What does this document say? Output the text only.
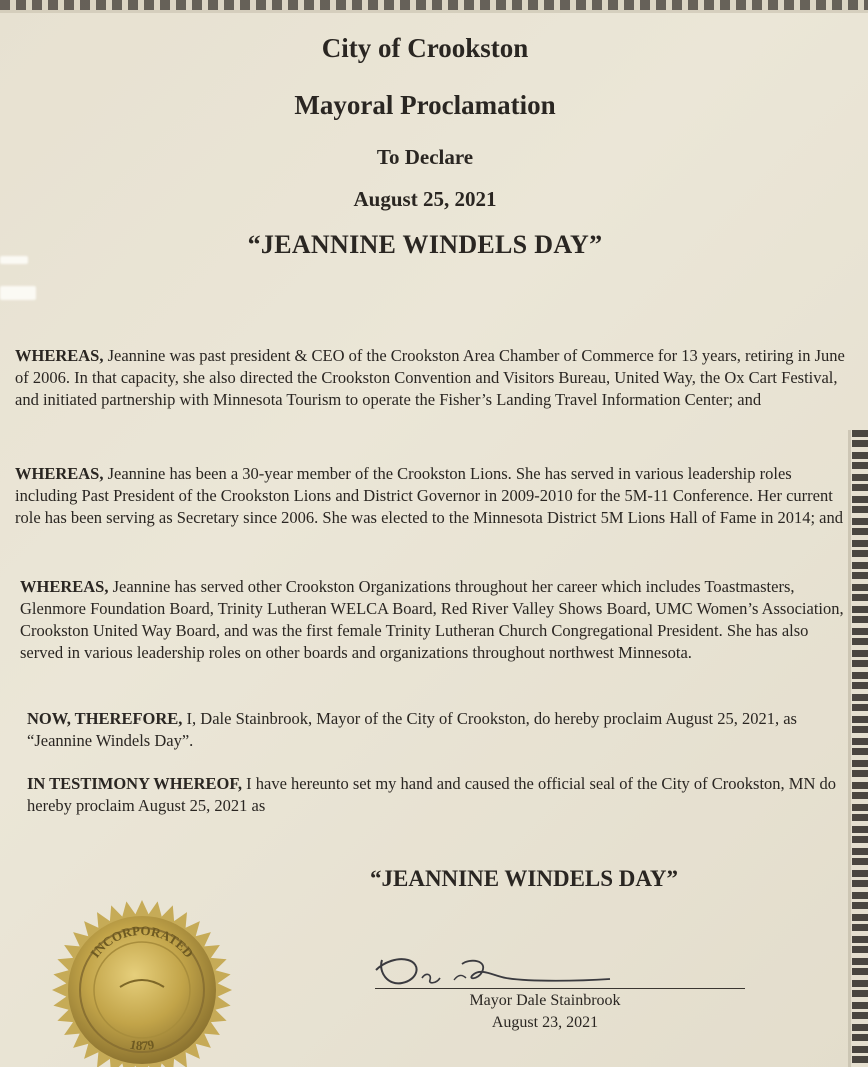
City of Crookston
Mayoral Proclamation
To Declare
August 25, 2021
“JEANNINE WINDELS DAY”

WHEREAS, Jeannine was past president & CEO of the Crookston Area Chamber of Commerce for 13 years, retiring in June of 2006. In that capacity, she also directed the Crookston Convention and Visitors Bureau, United Way, the Ox Cart Festival, and initiated partnership with Minnesota Tourism to operate the Fisher’s Landing Travel Information Center; and

WHEREAS, Jeannine has been a 30-year member of the Crookston Lions. She has served in various leadership roles including Past President of the Crookston Lions and District Governor in 2009-2010 for the 5M-11 Conference. Her current role has been serving as Secretary since 2006. She was elected to the Minnesota District 5M Lions Hall of Fame in 2014; and

WHEREAS, Jeannine has served other Crookston Organizations throughout her career which includes Toastmasters, Glenmore Foundation Board, Trinity Lutheran WELCA Board, Red River Valley Shows Board, UMC Women’s Association, Crookston United Way Board, and was the first female Trinity Lutheran Church Congregational President. She has also served in various leadership roles on other boards and organizations throughout northwest Minnesota.

NOW, THEREFORE, I, Dale Stainbrook, Mayor of the City of Crookston, do hereby proclaim August 25, 2021, as “Jeannine Windels Day”.

IN TESTIMONY WHEREOF, I have hereunto set my hand and caused the official seal of the City of Crookston, MN do hereby proclaim August 25, 2021 as

“JEANNINE WINDELS DAY”
INCORPORATED
1879
Mayor Dale Stainbrook
August 23, 2021
